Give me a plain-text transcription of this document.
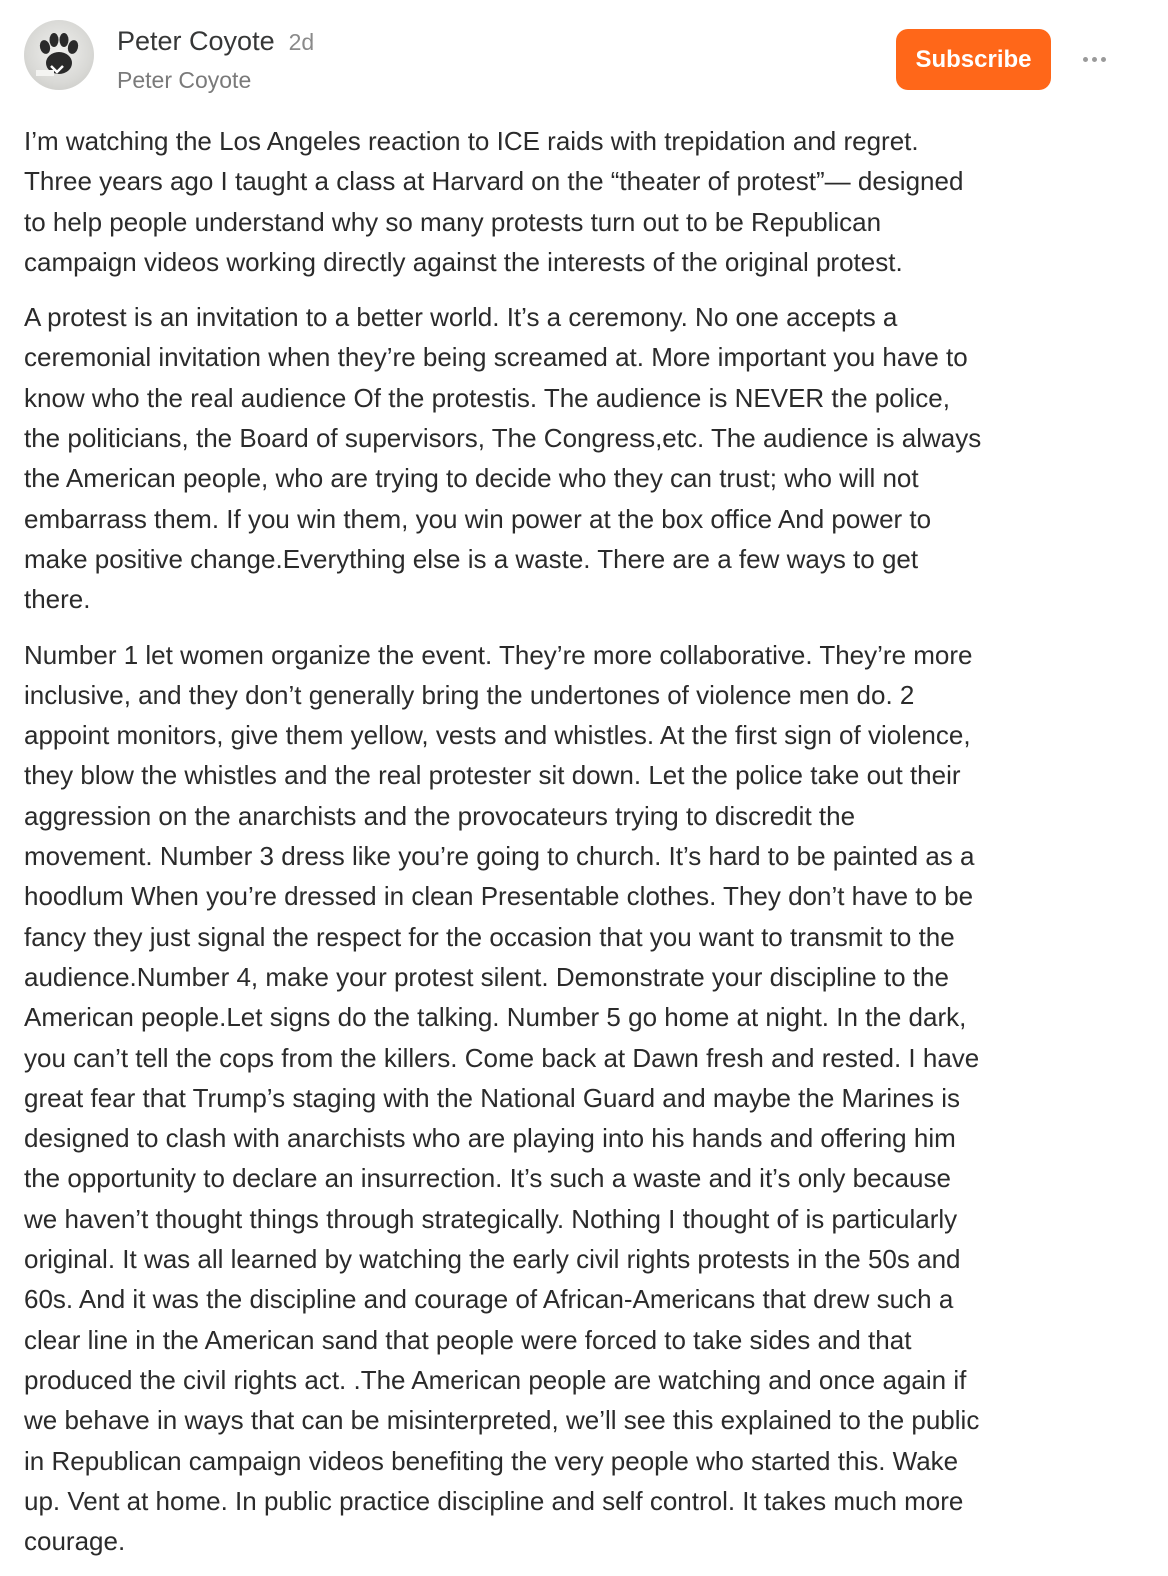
Peter Coyote 2d
Peter Coyote
Subscribe

I’m watching the Los Angeles reaction to ICE raids with trepidation and regret.
Three years ago I taught a class at Harvard on the “theater of protest”— designed
to help people understand why so many protests turn out to be Republican
campaign videos working directly against the interests of the original protest.

A protest is an invitation to a better world. It’s a ceremony. No one accepts a
ceremonial invitation when they’re being screamed at. More important you have to
know who the real audience Of the protestis. The audience is NEVER the police,
the politicians, the Board of supervisors, The Congress,etc. The audience is always
the American people, who are trying to decide who they can trust; who will not
embarrass them. If you win them, you win power at the box office And power to
make positive change.Everything else is a waste. There are a few ways to get
there.

Number 1 let women organize the event. They’re more collaborative. They’re more
inclusive, and they don’t generally bring the undertones of violence men do. 2
appoint monitors, give them yellow, vests and whistles. At the first sign of violence,
they blow the whistles and the real protester sit down. Let the police take out their
aggression on the anarchists and the provocateurs trying to discredit the
movement. Number 3 dress like you’re going to church. It’s hard to be painted as a
hoodlum When you’re dressed in clean Presentable clothes. They don’t have to be
fancy they just signal the respect for the occasion that you want to transmit to the
audience.Number 4, make your protest silent. Demonstrate your discipline to the
American people.Let signs do the talking. Number 5 go home at night. In the dark,
you can’t tell the cops from the killers. Come back at Dawn fresh and rested. I have
great fear that Trump’s staging with the National Guard and maybe the Marines is
designed to clash with anarchists who are playing into his hands and offering him
the opportunity to declare an insurrection. It’s such a waste and it’s only because
we haven’t thought things through strategically. Nothing I thought of is particularly
original. It was all learned by watching the early civil rights protests in the 50s and
60s. And it was the discipline and courage of African-Americans that drew such a
clear line in the American sand that people were forced to take sides and that
produced the civil rights act. .The American people are watching and once again if
we behave in ways that can be misinterpreted, we’ll see this explained to the public
in Republican campaign videos benefiting the very people who started this. Wake
up. Vent at home. In public practice discipline and self control. It takes much more
courage.
